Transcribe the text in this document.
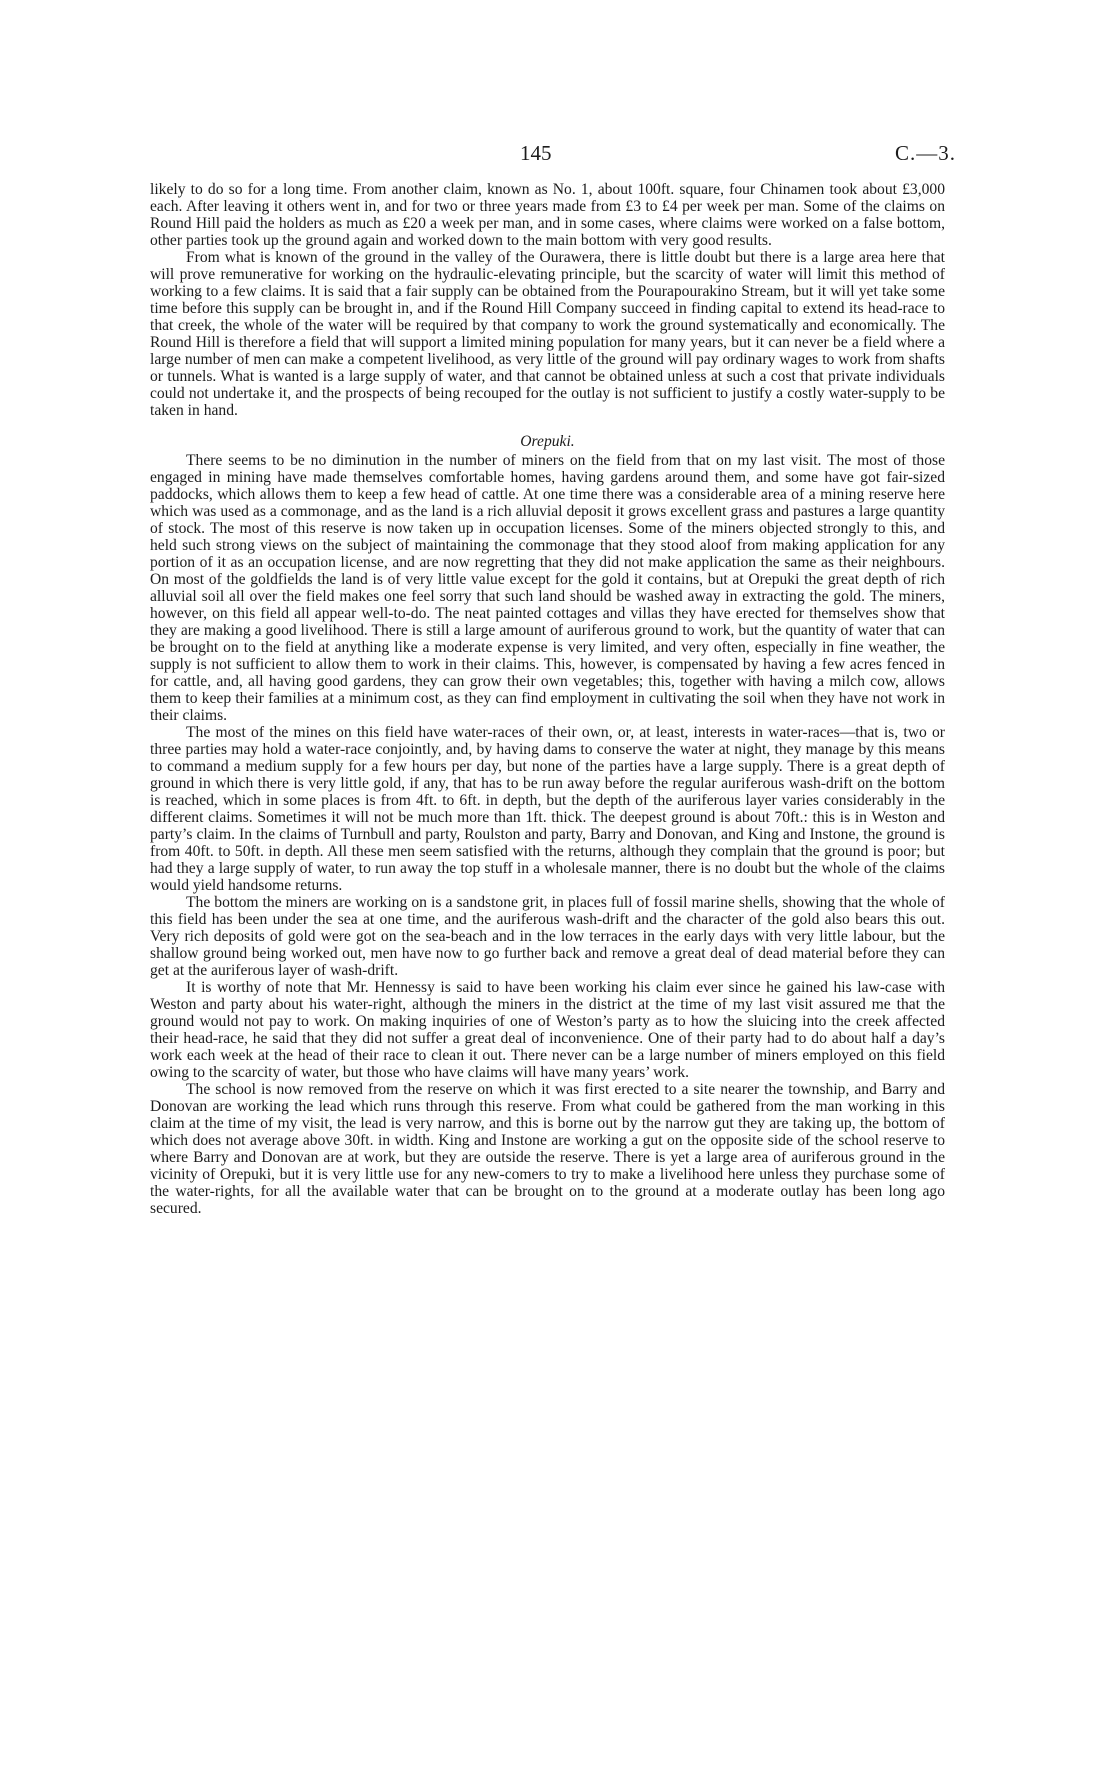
145	C.—3.

likely to do so for a long time. From another claim, known as No. 1, about 100ft. square, four Chinamen took about £3,000 each. After leaving it others went in, and for two or three years made from £3 to £4 per week per man. Some of the claims on Round Hill paid the holders as much as £20 a week per man, and in some cases, where claims were worked on a false bottom, other parties took up the ground again and worked down to the main bottom with very good results.

From what is known of the ground in the valley of the Ourawera, there is little doubt but there is a large area here that will prove remunerative for working on the hydraulic-elevating principle, but the scarcity of water will limit this method of working to a few claims. It is said that a fair supply can be obtained from the Pourapourakino Stream, but it will yet take some time before this supply can be brought in, and if the Round Hill Company succeed in finding capital to extend its head-race to that creek, the whole of the water will be required by that company to work the ground systematically and economically. The Round Hill is therefore a field that will support a limited mining population for many years, but it can never be a field where a large number of men can make a competent livelihood, as very little of the ground will pay ordinary wages to work from shafts or tunnels. What is wanted is a large supply of water, and that cannot be obtained unless at such a cost that private individuals could not undertake it, and the prospects of being recouped for the outlay is not sufficient to justify a costly water-supply to be taken in hand.

Orepuki.

There seems to be no diminution in the number of miners on the field from that on my last visit. The most of those engaged in mining have made themselves comfortable homes, having gardens around them, and some have got fair-sized paddocks, which allows them to keep a few head of cattle. At one time there was a considerable area of a mining reserve here which was used as a commonage, and as the land is a rich alluvial deposit it grows excellent grass and pastures a large quantity of stock. The most of this reserve is now taken up in occupation licenses. Some of the miners objected strongly to this, and held such strong views on the subject of maintaining the commonage that they stood aloof from making application for any portion of it as an occupation license, and are now regretting that they did not make application the same as their neighbours. On most of the goldfields the land is of very little value except for the gold it contains, but at Orepuki the great depth of rich alluvial soil all over the field makes one feel sorry that such land should be washed away in extracting the gold. The miners, however, on this field all appear well-to-do. The neat painted cottages and villas they have erected for themselves show that they are making a good livelihood. There is still a large amount of auriferous ground to work, but the quantity of water that can be brought on to the field at anything like a moderate expense is very limited, and very often, especially in fine weather, the supply is not sufficient to allow them to work in their claims. This, however, is compensated by having a few acres fenced in for cattle, and, all having good gardens, they can grow their own vegetables; this, together with having a milch cow, allows them to keep their families at a minimum cost, as they can find employment in cultivating the soil when they have not work in their claims.

The most of the mines on this field have water-races of their own, or, at least, interests in water-races—that is, two or three parties may hold a water-race conjointly, and, by having dams to conserve the water at night, they manage by this means to command a medium supply for a few hours per day, but none of the parties have a large supply. There is a great depth of ground in which there is very little gold, if any, that has to be run away before the regular auriferous wash-drift on the bottom is reached, which in some places is from 4ft. to 6ft. in depth, but the depth of the auriferous layer varies considerably in the different claims. Sometimes it will not be much more than 1ft. thick. The deepest ground is about 70ft.: this is in Weston and party’s claim. In the claims of Turnbull and party, Roulston and party, Barry and Donovan, and King and Instone, the ground is from 40ft. to 50ft. in depth. All these men seem satisfied with the returns, although they complain that the ground is poor; but had they a large supply of water, to run away the top stuff in a wholesale manner, there is no doubt but the whole of the claims would yield handsome returns.

The bottom the miners are working on is a sandstone grit, in places full of fossil marine shells, showing that the whole of this field has been under the sea at one time, and the auriferous wash-drift and the character of the gold also bears this out. Very rich deposits of gold were got on the sea-beach and in the low terraces in the early days with very little labour, but the shallow ground being worked out, men have now to go further back and remove a great deal of dead material before they can get at the auriferous layer of wash-drift.

It is worthy of note that Mr. Hennessy is said to have been working his claim ever since he gained his law-case with Weston and party about his water-right, although the miners in the district at the time of my last visit assured me that the ground would not pay to work. On making inquiries of one of Weston’s party as to how the sluicing into the creek affected their head-race, he said that they did not suffer a great deal of inconvenience. One of their party had to do about half a day’s work each week at the head of their race to clean it out. There never can be a large number of miners employed on this field owing to the scarcity of water, but those who have claims will have many years’ work.

The school is now removed from the reserve on which it was first erected to a site nearer the township, and Barry and Donovan are working the lead which runs through this reserve. From what could be gathered from the man working in this claim at the time of my visit, the lead is very narrow, and this is borne out by the narrow gut they are taking up, the bottom of which does not average above 30ft. in width. King and Instone are working a gut on the opposite side of the school reserve to where Barry and Donovan are at work, but they are outside the reserve. There is yet a large area of auriferous ground in the vicinity of Orepuki, but it is very little use for any new-comers to try to make a livelihood here unless they purchase some of the water-rights, for all the available water that can be brought on to the ground at a moderate outlay has been long ago secured.
